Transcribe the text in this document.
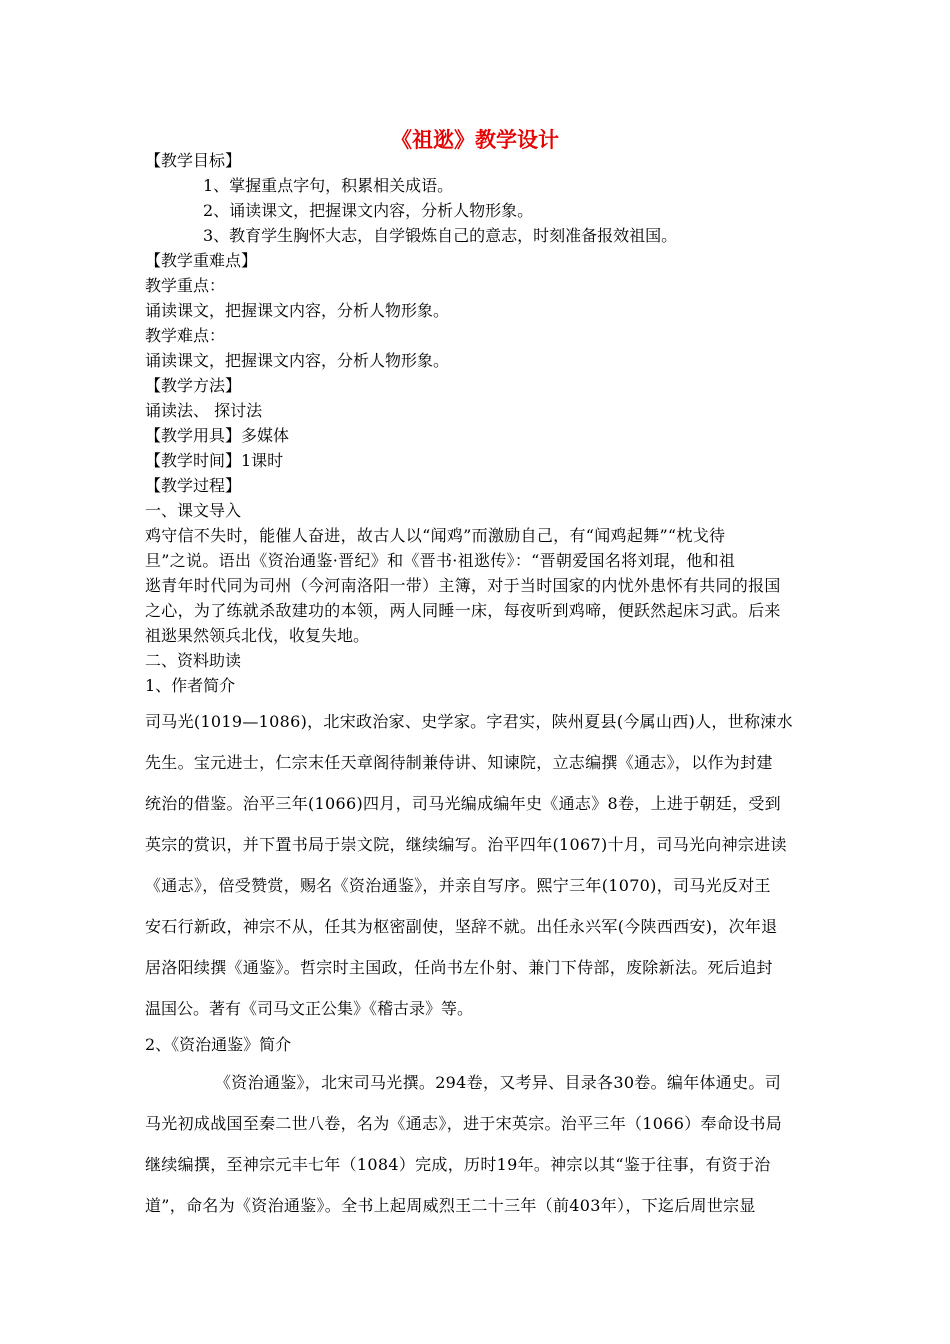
《祖逖》教学设计
【教学目标】
1、掌握重点字句，积累相关成语。
2、诵读课文，把握课文内容，分析人物形象。
3、教育学生胸怀大志，自学锻炼自己的意志，时刻准备报效祖国。
【教学重难点】
教学重点：
诵读课文，把握课文内容，分析人物形象。
教学难点：
诵读课文，把握课文内容，分析人物形象。
【教学方法】
诵读法、 探讨法
【教学用具】多媒体
【教学时间】1课时
【教学过程】
一、课文导入
鸡守信不失时，能催人奋进，故古人以“闻鸡”而激励自己，有“闻鸡起舞”“枕戈待
旦”之说。语出《资治通鉴·晋纪》和《晋书·祖逖传》：“晋朝爱国名将刘琨，他和祖
逖青年时代同为司州（今河南洛阳一带）主簿，对于当时国家的内忧外患怀有共同的报国
之心，为了练就杀敌建功的本领，两人同睡一床，每夜听到鸡啼，便跃然起床习武。后来
祖逖果然领兵北伐，收复失地。
二、资料助读
1、作者简介
司马光(1019—1086)，北宋政治家、史学家。字君实，陕州夏县(今属山西)人，世称涑水
先生。宝元进士，仁宗末任天章阁待制兼侍讲、知谏院，立志编撰《通志》，以作为封建
统治的借鉴。治平三年(1066)四月，司马光编成编年史《通志》8卷，上进于朝廷，受到
英宗的赏识，并下置书局于崇文院，继续编写。治平四年(1067)十月，司马光向神宗进读
《通志》，倍受赞赏，赐名《资治通鉴》，并亲自写序。熙宁三年(1070)，司马光反对王
安石行新政，神宗不从，任其为枢密副使，坚辞不就。出任永兴军(今陕西西安)，次年退
居洛阳续撰《通鉴》。哲宗时主国政，任尚书左仆射、兼门下侍部，废除新法。死后追封
温国公。著有《司马文正公集》《稽古录》等。
2、《资治通鉴》简介
《资治通鉴》，北宋司马光撰。294卷，又考异、目录各30卷。编年体通史。司
马光初成战国至秦二世八卷，名为《通志》，进于宋英宗。治平三年（1066）奉命设书局
继续编撰，至神宗元丰七年（1084）完成，历时19年。神宗以其“鉴于往事，有资于治
道”，命名为《资治通鉴》。全书上起周威烈王二十三年（前403年），下迄后周世宗显
